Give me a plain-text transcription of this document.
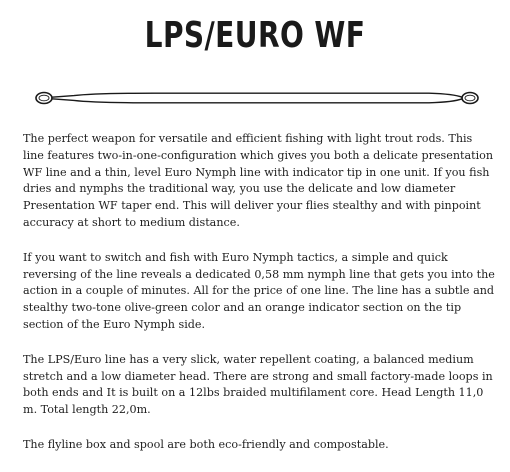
LPS/EURO WF

The perfect weapon for versatile and efficient fishing with light trout rods. This line features two-in-one-configuration which gives you both a delicate presentation WF line and a thin, level Euro Nymph line with indicator tip in one unit. If you fish dries and nymphs the traditional way, you use the delicate and low diameter Presentation WF taper end. This will deliver your flies stealthy and with pinpoint accuracy at short to medium distance.

If you want to switch and fish with Euro Nymph tactics, a simple and quick reversing of the line reveals a dedicated 0,58 mm nymph line that gets you into the action in a couple of minutes. All for the price of one line. The line has a subtle and stealthy two-tone olive-green color and an orange indicator section on the tip section of the Euro Nymph side.

The LPS/Euro line has a very slick, water repellent coating, a balanced medium stretch and a low diameter head. There are strong and small factory-made loops in both ends and It is built on a 12lbs braided multifilament core. Head Length 11,0 m. Total length 22,0m.

The flyline box and spool are both eco-friendly and compostable.
